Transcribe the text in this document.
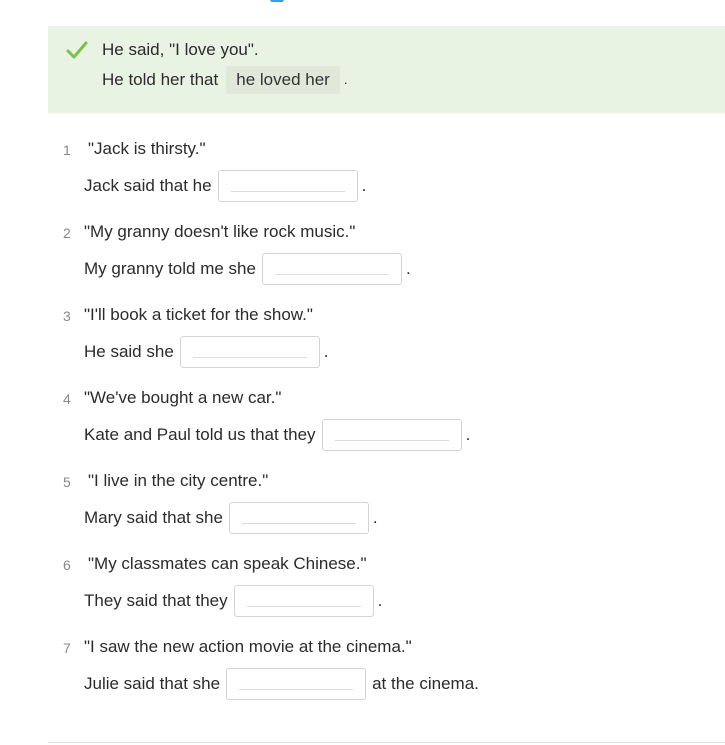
He said, "I love you".
He told her that	he loved her	.
1 "Jack is thirsty."
Jack said that he	.
2 "My granny doesn't like rock music."
My granny told me she	.
3 "I'll book a ticket for the show."
He said she	.
4 "We've bought a new car."
Kate and Paul told us that they	.
5 "I live in the city centre."
Mary said that she	.
6 "My classmates can speak Chinese."
They said that they	.
7 "I saw the new action movie at the cinema."
Julie said that she	at the cinema.
